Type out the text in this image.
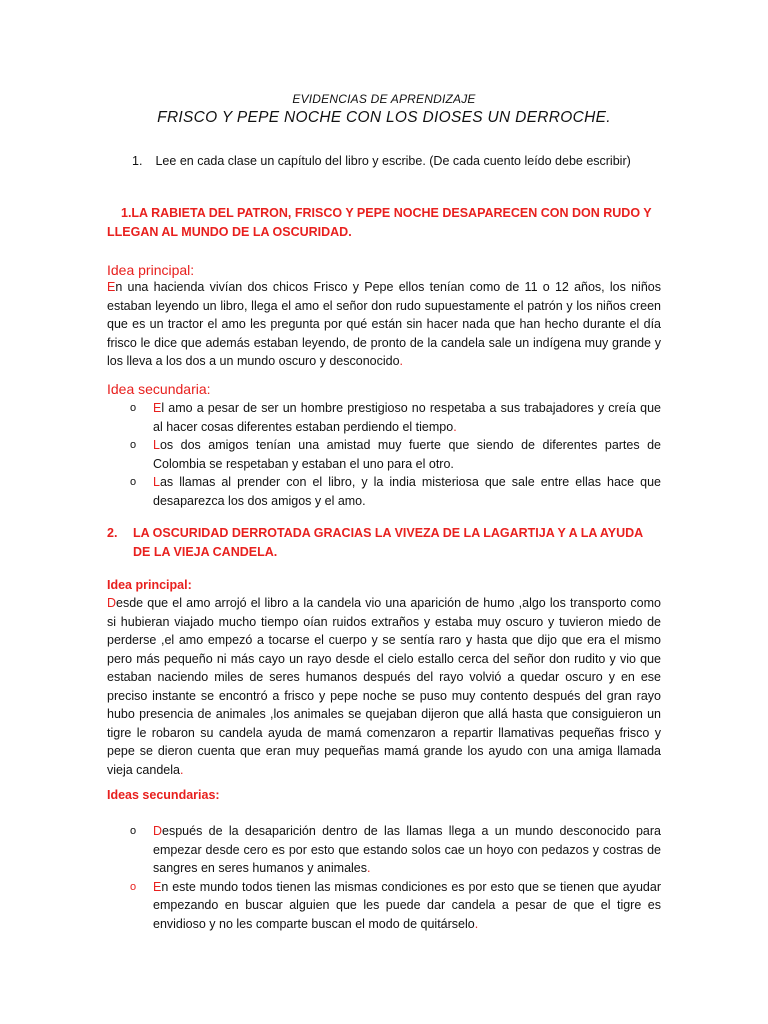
EVIDENCIAS DE APRENDIZAJE
FRISCO Y PEPE NOCHE CON LOS DIOSES UN DERROCHE.
1. Lee en cada clase un capítulo del libro y escribe. (De cada cuento leído debe escribir)
1.LA RABIETA DEL PATRON, FRISCO Y PEPE NOCHE DESAPARECEN CON DON RUDO Y LLEGAN AL MUNDO DE LA OSCURIDAD.
Idea principal:
En una hacienda vivían dos chicos Frisco y Pepe ellos tenían como de 11 o 12 años, los niños estaban leyendo un libro, llega el amo el señor don rudo supuestamente el patrón y los niños creen que es un tractor el amo les pregunta por qué están sin hacer nada que han hecho durante el día frisco le dice que además estaban leyendo, de pronto de la candela sale un indígena muy grande y los lleva a los dos a un mundo oscuro y desconocido.
Idea secundaria:
o El amo a pesar de ser un hombre prestigioso no respetaba a sus trabajadores y creía que al hacer cosas diferentes estaban perdiendo el tiempo.
o Los dos amigos tenían una amistad muy fuerte que siendo de diferentes partes de Colombia se respetaban y estaban el uno para el otro.
o Las llamas al prender con el libro, y la india misteriosa que sale entre ellas hace que desaparezca los dos amigos y el amo.
2. LA OSCURIDAD DERROTADA GRACIAS LA VIVEZA DE LA LAGARTIJA Y A LA AYUDA DE LA VIEJA CANDELA.
Idea principal:
Desde que el amo arrojó el libro a la candela vio una aparición de humo ,algo los transporto como si hubieran viajado mucho tiempo oían ruidos extraños y estaba muy oscuro y tuvieron miedo de perderse ,el amo empezó a tocarse el cuerpo y se sentía raro y hasta que dijo que era el mismo pero más pequeño ni más cayo un rayo desde el cielo estallo cerca del señor don rudito y vio que estaban naciendo miles de seres humanos después del rayo volvió a quedar oscuro y en ese preciso instante se encontró a frisco y pepe noche se puso muy contento después del gran rayo hubo presencia de animales ,los animales se quejaban dijeron que allá hasta que consiguieron un tigre le robaron su candela ayuda de mamá comenzaron a repartir llamativas pequeñas frisco y pepe se dieron cuenta que eran muy pequeñas mamá grande los ayudo con una amiga llamada vieja candela.
Ideas secundarias:
o Después de la desaparición dentro de las llamas llega a un mundo desconocido para empezar desde cero es por esto que estando solos cae un hoyo con pedazos y costras de sangres en seres humanos y animales.
o En este mundo todos tienen las mismas condiciones es por esto que se tienen que ayudar empezando en buscar alguien que les puede dar candela a pesar de que el tigre es envidioso y no les comparte buscan el modo de quitárselo.
